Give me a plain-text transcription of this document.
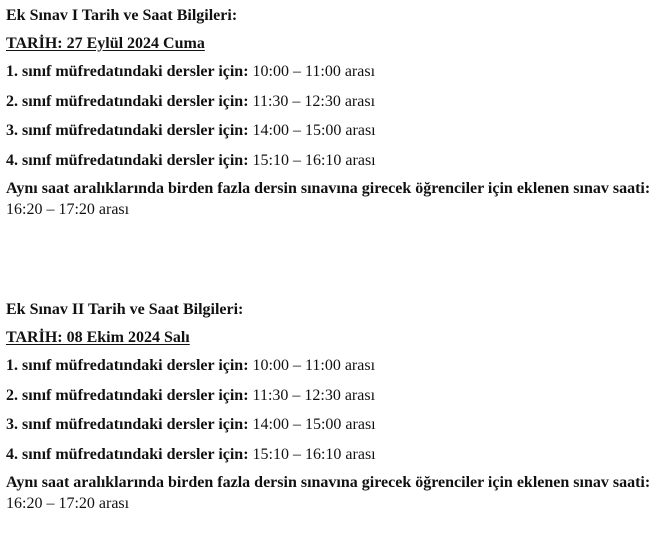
Ek Sınav I Tarih ve Saat Bilgileri:
TARİH: 27 Eylül 2024 Cuma
1. sınıf müfredatındaki dersler için: 10:00 – 11:00 arası
2. sınıf müfredatındaki dersler için: 11:30 – 12:30 arası
3. sınıf müfredatındaki dersler için: 14:00 – 15:00 arası
4. sınıf müfredatındaki dersler için: 15:10 – 16:10 arası
Aynı saat aralıklarında birden fazla dersin sınavına girecek öğrenciler için eklenen sınav saati: 16:20 – 17:20 arası
Ek Sınav II Tarih ve Saat Bilgileri:
TARİH: 08 Ekim 2024 Salı
1. sınıf müfredatındaki dersler için: 10:00 – 11:00 arası
2. sınıf müfredatındaki dersler için: 11:30 – 12:30 arası
3. sınıf müfredatındaki dersler için: 14:00 – 15:00 arası
4. sınıf müfredatındaki dersler için: 15:10 – 16:10 arası
Aynı saat aralıklarında birden fazla dersin sınavına girecek öğrenciler için eklenen sınav saati: 16:20 – 17:20 arası
